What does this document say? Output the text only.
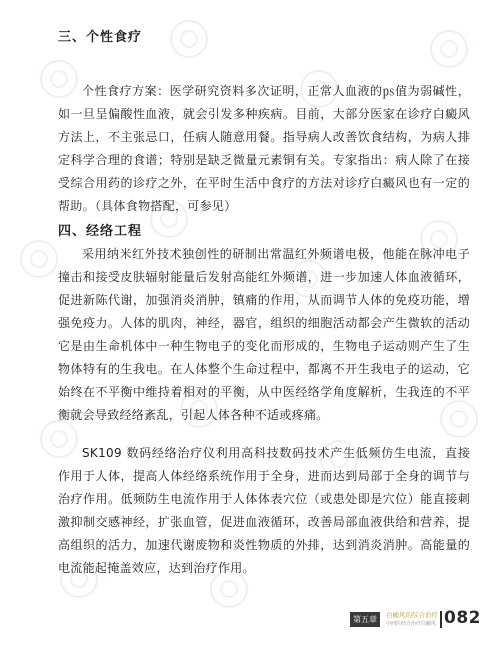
三、个性食疗

个性食疗方案：医学研究资料多次证明，正常人血液的㎰值为弱碱性，如一旦呈偏酸性血液，就会引发多种疾病。目前，大部分医家在诊疗白癜风方法上，不主张忌口，任病人随意用餐。指导病人改善饮食结构，为病人排定科学合理的食谱；特别是缺乏微量元素铜有关。专家指出：病人除了在接受综合用药的诊疗之外，在平时生活中食疗的方法对诊疗白癜风也有一定的帮助。（具体食物搭配，可参见）

四、经络工程

采用纳米红外技术独创性的研制出常温红外频谱电极，他能在脉冲电子撞击和接受皮肤辐射能量后发射高能红外频谱，进一步加速人体血液循环，促进新陈代谢，加强消炎消肿，镇痛的作用，从而调节人体的免疫功能，增强免疫力。人体的肌肉，神经，器官，组织的细胞活动都会产生微软的活动它是由生命机体中一种生物电子的变化而形成的，生物电子运动则产生了生物体特有的生我电。在人体整个生命过程中，都离不开生我电子的运动，它始终在不平衡中维持着相对的平衡，从中医经络学角度解析，生我连的不平衡就会导致经络紊乱，引起人体各种不适或疼痛。

SK109 数码经络治疗仪利用高科技数码技术产生低频仿生电流，直接作用于人体，提高人体经络系统作用于全身，进而达到局部于全身的调节与治疗作用。低频防生电流作用于人体体表穴位（或患处即是穴位）能直接刺激抑制交感神经，扩张血管，促进血液循环，改善局部血液供给和营养，提高组织的活力，加速代谢废物和炎性物质的外排，达到消炎消肿。高能量的电流能起掩盖效应，达到治疗作用。

第五章	白癜风的综合治疗
中西医结合治疗白癜风 082
